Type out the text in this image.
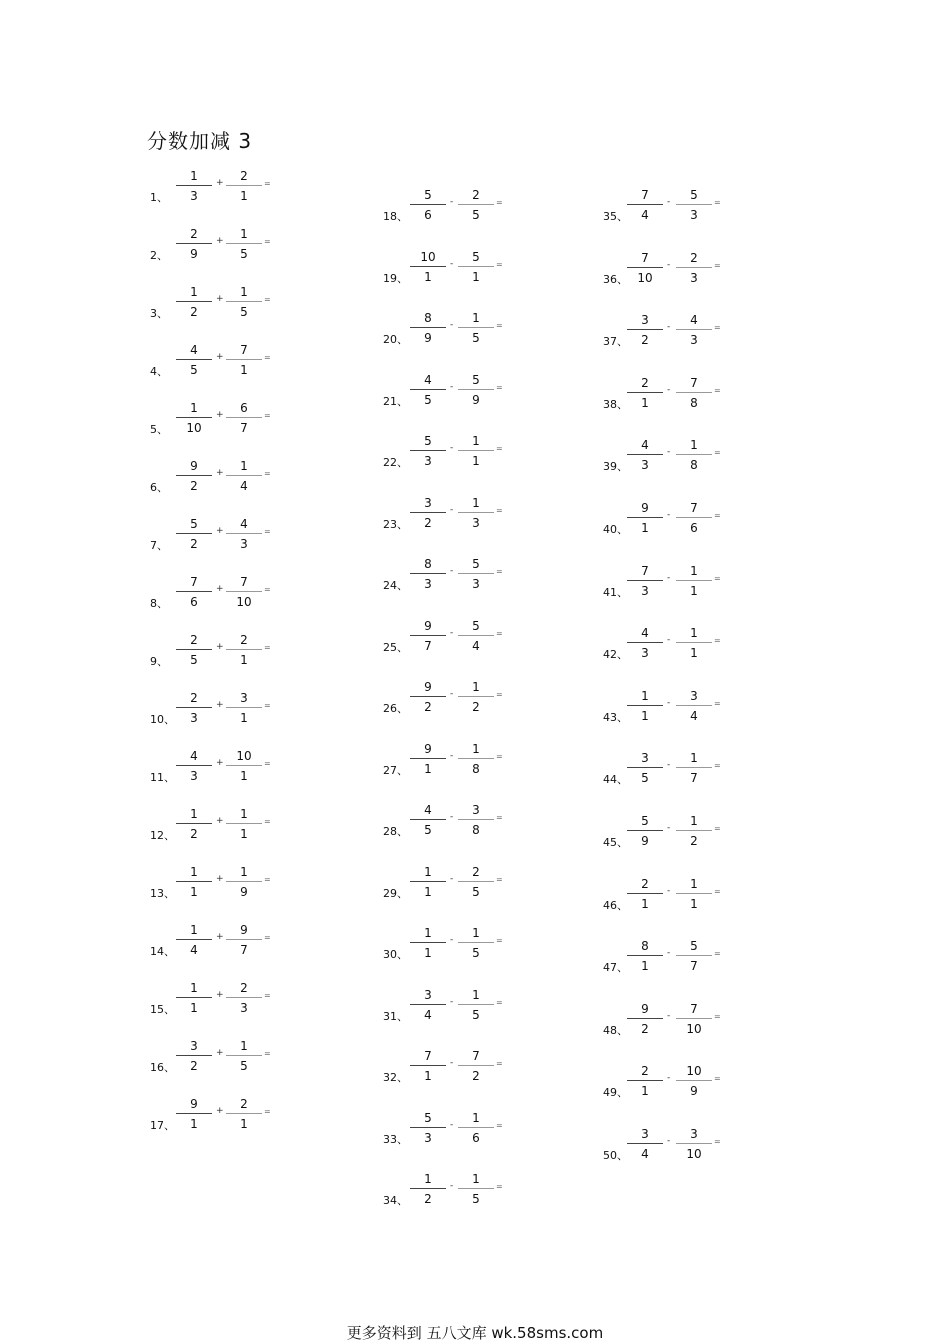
分数加减 3
1、
1
3
+	2
1
=
2、
2
9
+	1
5
=
3、
1
2
+	1
5
=
4、
4
5
+	7
1
=
5、
1
10
+	6
7
=
6、
9
2
+	1
4
=
7、
5
2
+	4
3
=
8、
7
6
+	7
10
=
9、
2
5
+	2
1
=
10、
2
3
+	3
1
=
11、
4
3
+	10
1
=
12、
1
2
+	1
1
=
13、
1
1
+	1
9
=
14、
1
4
+	9
7
=
15、
1
1
+	2
3
=
16、
3
2
+	1
5
=
17、
9
1
+	2
1
=
18、
5
6
-	2
5
=
19、
10
1
-	5
1
=
20、
8
9
-	1
5
=
21、
4
5
-	5
9
=
22、
5
3
-	1
1
=
23、
3
2
-	1
3
=
24、
8
3
-	5
3
=
25、
9
7
-	5
4
=
26、
9
2
-	1
2
=
27、
9
1
-	1
8
=
28、
4
5
-	3
8
=
29、
1
1
-	2
5
=
30、
1
1
-	1
5
=
31、
3
4
-	1
5
=
32、
7
1
-	7
2
=
33、
5
3
-	1
6
=
34、
1
2
-	1
5
=
35、
7
4
-	5
3
=
36、
7
10
-	2
3
=
37、
3
2
-	4
3
=
38、
2
1
-	7
8
=
39、
4
3
-	1
8
=
40、
9
1
-	7
6
=
41、
7
3
-	1
1
=
42、
4
3
-	1
1
=
43、
1
1
-	3
4
=
44、
3
5
-	1
7
=
45、
5
9
-	1
2
=
46、
2
1
-	1
1
=
47、
8
1
-	5
7
=
48、
9
2
-	7
10
=
49、
2
1
-	10
9
=
50、
3
4
-	3
10
=
更多资料到 五八文库 wk.58sms.com
